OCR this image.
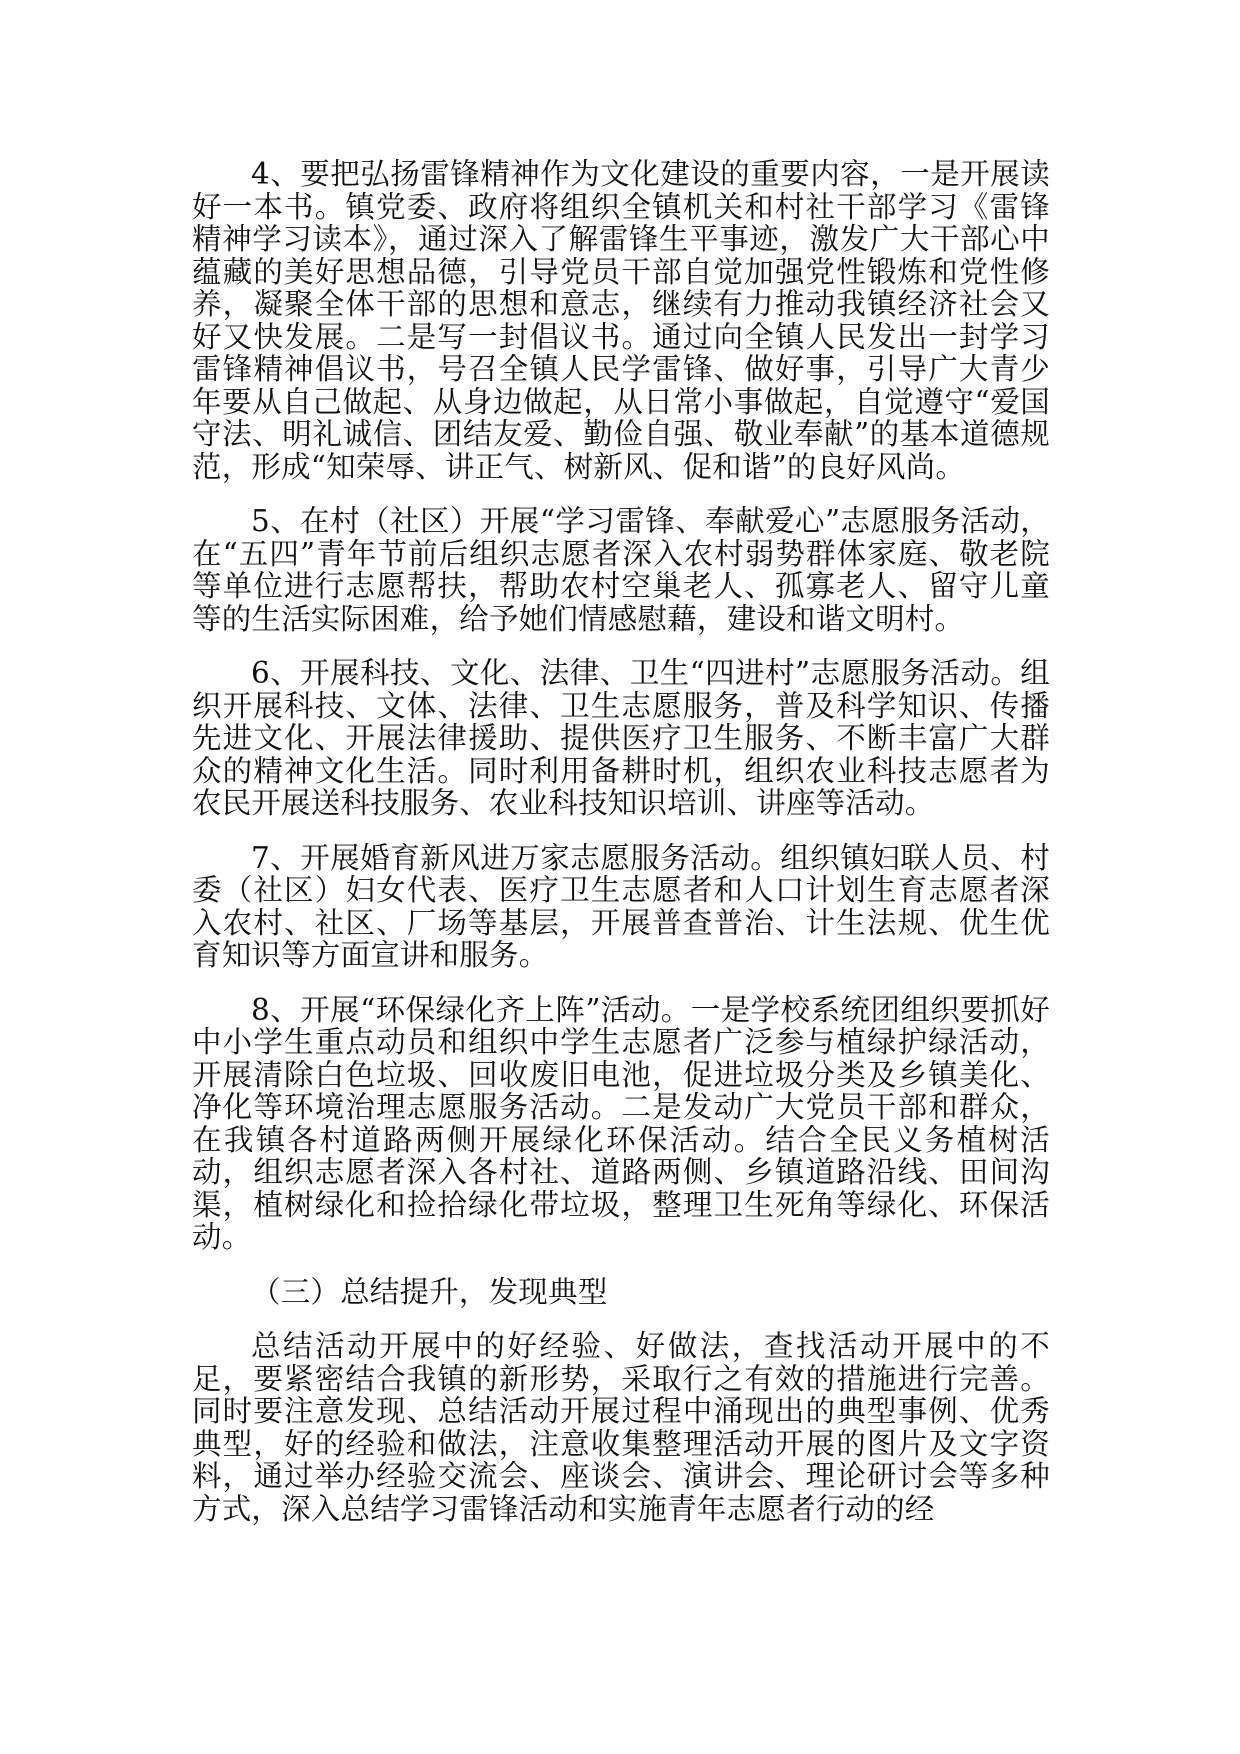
4、要把弘扬雷锋精神作为文化建设的重要内容，一是开展读好一本书。镇党委、政府将组织全镇机关和村社干部学习《雷锋精神学习读本》，通过深入了解雷锋生平事迹，激发广大干部心中蕴藏的美好思想品德，引导党员干部自觉加强党性锻炼和党性修养，凝聚全体干部的思想和意志，继续有力推动我镇经济社会又好又快发展。二是写一封倡议书。通过向全镇人民发出一封学习雷锋精神倡议书，号召全镇人民学雷锋、做好事，引导广大青少年要从自己做起、从身边做起，从日常小事做起，自觉遵守“爱国守法、明礼诚信、团结友爱、勤俭自强、敬业奉献”的基本道德规范，形成“知荣辱、讲正气、树新风、促和谐”的良好风尚。

5、在村（社区）开展“学习雷锋、奉献爱心”志愿服务活动，在“五四”青年节前后组织志愿者深入农村弱势群体家庭、敬老院等单位进行志愿帮扶，帮助农村空巢老人、孤寡老人、留守儿童等的生活实际困难，给予她们情感慰藉，建设和谐文明村。

6、开展科技、文化、法律、卫生“四进村”志愿服务活动。组织开展科技、文体、法律、卫生志愿服务，普及科学知识、传播先进文化、开展法律援助、提供医疗卫生服务、不断丰富广大群众的精神文化生活。同时利用备耕时机，组织农业科技志愿者为农民开展送科技服务、农业科技知识培训、讲座等活动。

7、开展婚育新风进万家志愿服务活动。组织镇妇联人员、村委（社区）妇女代表、医疗卫生志愿者和人口计划生育志愿者深入农村、社区、厂场等基层，开展普查普治、计生法规、优生优育知识等方面宣讲和服务。

8、开展“环保绿化齐上阵”活动。一是学校系统团组织要抓好中小学生重点动员和组织中学生志愿者广泛参与植绿护绿活动，开展清除白色垃圾、回收废旧电池，促进垃圾分类及乡镇美化、净化等环境治理志愿服务活动。二是发动广大党员干部和群众，在我镇各村道路两侧开展绿化环保活动。结合全民义务植树活动，组织志愿者深入各村社、道路两侧、乡镇道路沿线、田间沟渠，植树绿化和捡拾绿化带垃圾，整理卫生死角等绿化、环保活动。

（三）总结提升，发现典型

总结活动开展中的好经验、好做法，查找活动开展中的不足，要紧密结合我镇的新形势，采取行之有效的措施进行完善。同时要注意发现、总结活动开展过程中涌现出的典型事例、优秀典型，好的经验和做法，注意收集整理活动开展的图片及文字资料，通过举办经验交流会、座谈会、演讲会、理论研讨会等多种方式，深入总结学习雷锋活动和实施青年志愿者行动的经
